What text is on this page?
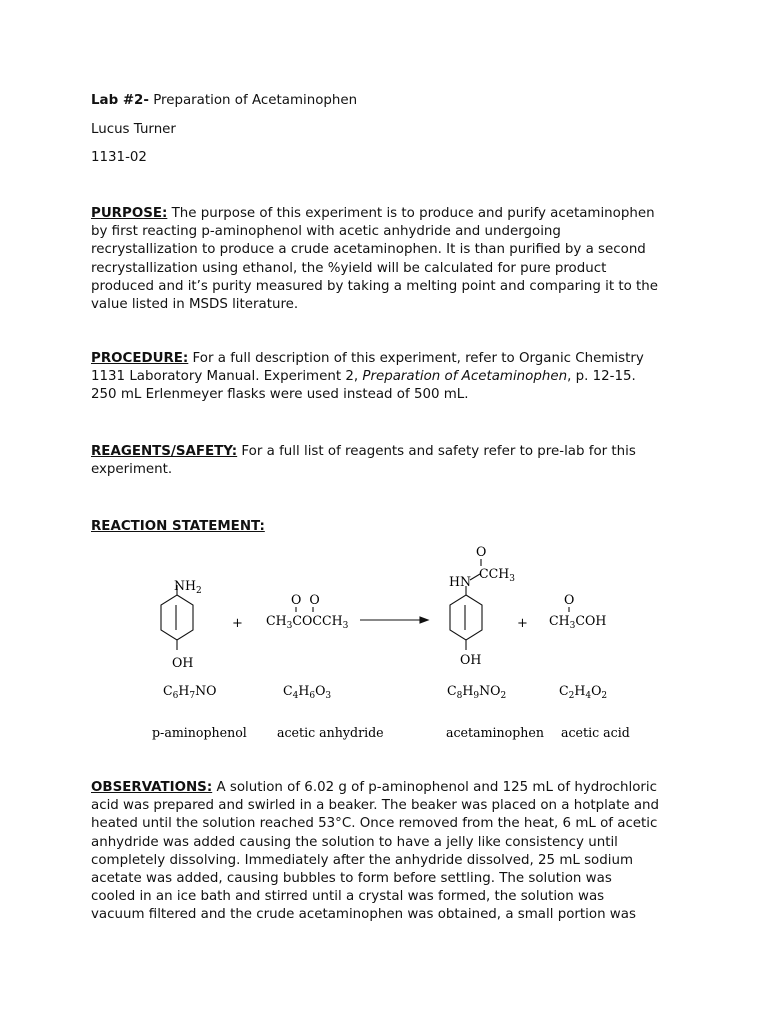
Lab #2- Preparation of Acetaminophen
Lucus Turner
1131-02
PURPOSE: The purpose of this experiment is to produce and purify acetaminophen
by first reacting p-aminophenol with acetic anhydride and undergoing
recrystallization to produce a crude acetaminophen. It is than purified by a second
recrystallization using ethanol, the %yield will be calculated for pure product
produced and it’s purity measured by taking a melting point and comparing it to the
value listed in MSDS literature.
PROCEDURE: For a full description of this experiment, refer to Organic Chemistry
1131 Laboratory Manual. Experiment 2, Preparation of Acetaminophen, p. 12-15.
250 mL Erlenmeyer flasks were used instead of 500 mL.
REAGENTS/SAFETY: For a full list of reagents and safety refer to pre-lab for this
experiment.
REACTION STATEMENT:
$NH_2$
OH
$C_6H_7NO$
p-aminophenol
+
O  O
$CH_3COCCH_3$
$C_4H_6O_3$
acetic anhydride
O
HN
$CCH_3$
OH
$C_8H_9NO_2$
acetaminophen
+
O
$CH_3COH$
$C_2H_4O_2$
acetic acid
OBSERVATIONS: A solution of 6.02 g of p-aminophenol and 125 mL of hydrochloric
acid was prepared and swirled in a beaker. The beaker was placed on a hotplate and
heated until the solution reached 53°C. Once removed from the heat, 6 mL of acetic
anhydride was added causing the solution to have a jelly like consistency until
completely dissolving. Immediately after the anhydride dissolved, 25 mL sodium
acetate was added, causing bubbles to form before settling. The solution was
cooled in an ice bath and stirred until a crystal was formed, the solution was
vacuum filtered and the crude acetaminophen was obtained, a small portion was
